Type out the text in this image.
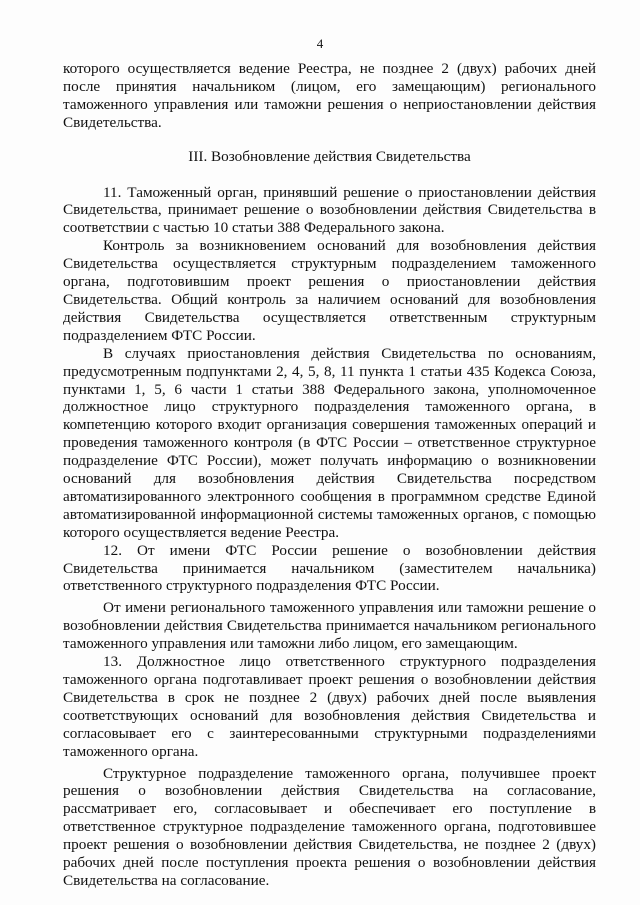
4

которого осуществляется ведение Реестра, не позднее 2 (двух) рабочих дней после принятия начальником (лицом, его замещающим) регионального таможенного управления или таможни решения о неприостановлении действия Свидетельства.

III. Возобновление действия Свидетельства

11. Таможенный орган, принявший решение о приостановлении действия Свидетельства, принимает решение о возобновлении действия Свидетельства в соответствии с частью 10 статьи 388 Федерального закона.

Контроль за возникновением оснований для возобновления действия Свидетельства осуществляется структурным подразделением таможенного органа, подготовившим проект решения о приостановлении действия Свидетельства. Общий контроль за наличием оснований для возобновления действия Свидетельства осуществляется ответственным структурным подразделением ФТС России.

В случаях приостановления действия Свидетельства по основаниям, предусмотренным подпунктами 2, 4, 5, 8, 11 пункта 1 статьи 435 Кодекса Союза, пунктами 1, 5, 6 части 1 статьи 388 Федерального закона, уполномоченное должностное лицо структурного подразделения таможенного органа, в компетенцию которого входит организация совершения таможенных операций и проведения таможенного контроля (в ФТС России – ответственное структурное подразделение ФТС России), может получать информацию о возникновении оснований для возобновления действия Свидетельства посредством автоматизированного электронного сообщения в программном средстве Единой автоматизированной информационной системы таможенных органов, с помощью которого осуществляется ведение Реестра.

12. От имени ФТС России решение о возобновлении действия Свидетельства принимается начальником (заместителем начальника) ответственного структурного подразделения ФТС России.

От имени регионального таможенного управления или таможни решение о возобновлении действия Свидетельства принимается начальником регионального таможенного управления или таможни либо лицом, его замещающим.

13. Должностное лицо ответственного структурного подразделения таможенного органа подготавливает проект решения о возобновлении действия Свидетельства в срок не позднее 2 (двух) рабочих дней после выявления соответствующих оснований для возобновления действия Свидетельства и согласовывает его с заинтересованными структурными подразделениями таможенного органа.

Структурное подразделение таможенного органа, получившее проект решения о возобновлении действия Свидетельства на согласование, рассматривает его, согласовывает и обеспечивает его поступление в ответственное структурное подразделение таможенного органа, подготовившее проект решения о возобновлении действия Свидетельства, не позднее 2 (двух) рабочих дней после поступления проекта решения о возобновлении действия Свидетельства на согласование.
